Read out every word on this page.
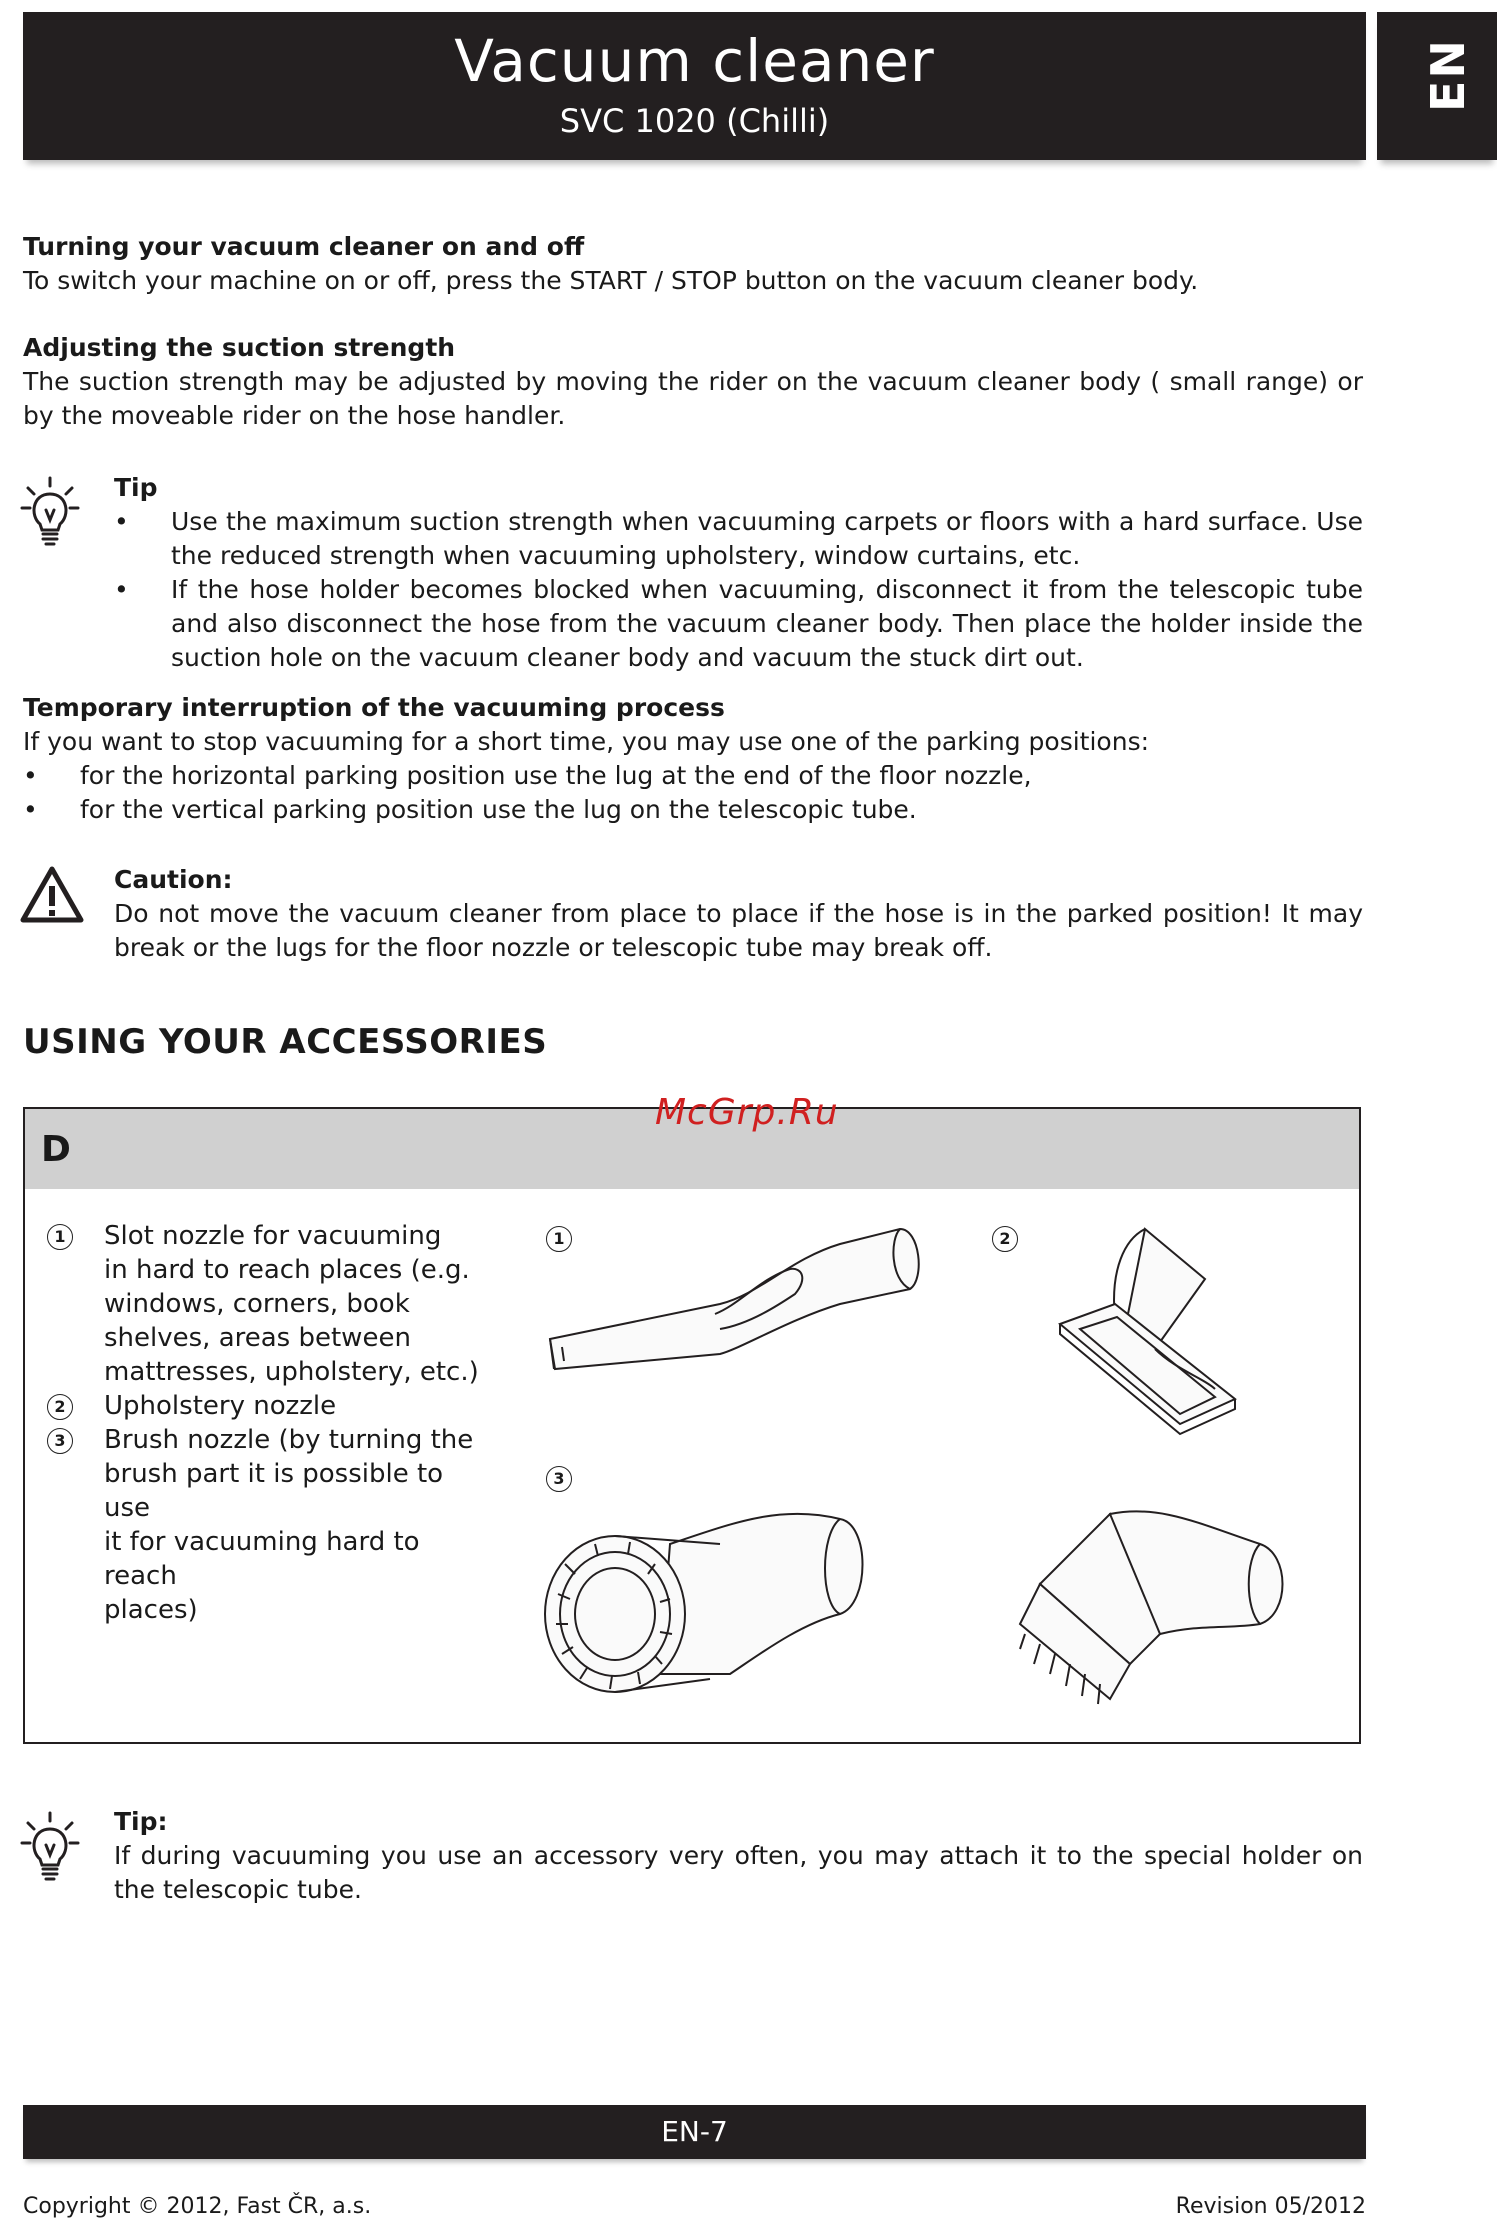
Vacuum cleaner
SVC 1020 (Chilli)
EN
Turning your vacuum cleaner on and off
To switch your machine on or off, press the START / STOP button on the vacuum cleaner body.
Adjusting the suction strength
The suction strength may be adjusted by moving the rider on the vacuum cleaner body ( small range) or by the moveable rider on the hose handler.
Tip
•	Use the maximum suction strength when vacuuming carpets or floors with a hard surface. Use the reduced strength when vacuuming upholstery, window curtains, etc.
•	If the hose holder becomes blocked when vacuuming, disconnect it from the telescopic tube and also disconnect the hose from the vacuum cleaner body. Then place the holder inside the suction hole on the vacuum cleaner body and vacuum the stuck dirt out.
Temporary interruption of the vacuuming process
If you want to stop vacuuming for a short time, you may use one of the parking positions:
•	for the horizontal parking position use the lug at the end of the floor nozzle,
•	for the vertical parking position use the lug on the telescopic tube.
Caution:
Do not move the vacuum cleaner from place to place if the hose is in the parked position! It may break or the lugs for the floor nozzle or telescopic tube may break off.
USING YOUR ACCESSORIES
D
1	Slot nozzle for vacuuming
in hard to reach places (e.g.
windows, corners, book
shelves, areas between
mattresses, upholstery, etc.)
2	Upholstery nozzle
3	Brush nozzle (by turning the
brush part it is possible to use
it for vacuuming hard to reach
places)
1	2
3
McGrp.Ru
Tip:
If during vacuuming you use an accessory very often, you may attach it to the special holder on the telescopic tube.
EN-7
Copyright © 2012, Fast ČR, a.s.	Revision 05/2012
